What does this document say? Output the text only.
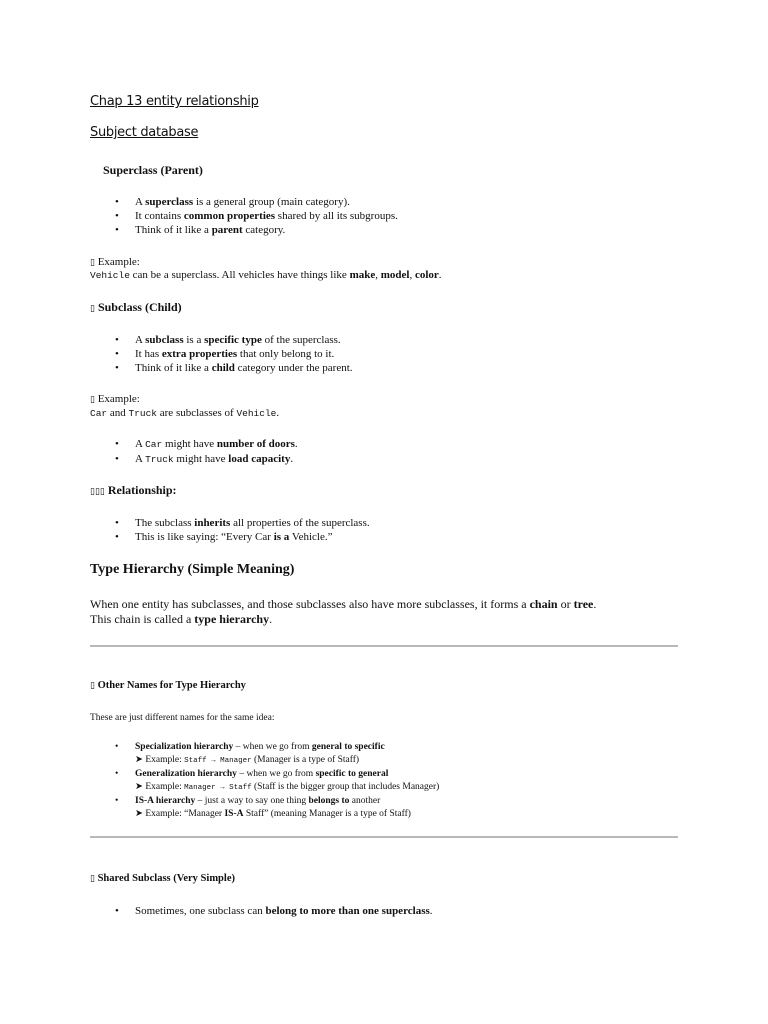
Chap 13 entity relationship
Subject database
Superclass (Parent)
• A superclass is a general group (main category).
• It contains common properties shared by all its subgroups.
• Think of it like a parent category.
▯ Example:
Vehicle can be a superclass. All vehicles have things like make, model, color.
▯ Subclass (Child)
• A subclass is a specific type of the superclass.
• It has extra properties that only belong to it.
• Think of it like a child category under the parent.
▯ Example:
Car and Truck are subclasses of Vehicle.
• A Car might have number of doors.
• A Truck might have load capacity.
▯▯▯ Relationship:
• The subclass inherits all properties of the superclass.
• This is like saying: “Every Car is a Vehicle.”
Type Hierarchy (Simple Meaning)
When one entity has subclasses, and those subclasses also have more subclasses, it forms a chain or tree.
This chain is called a type hierarchy.
▯ Other Names for Type Hierarchy
These are just different names for the same idea:
• Specialization hierarchy – when we go from general to specific
➤ Example: Staff → Manager (Manager is a type of Staff)
• Generalization hierarchy – when we go from specific to general
➤ Example: Manager → Staff (Staff is the bigger group that includes Manager)
• IS-A hierarchy – just a way to say one thing belongs to another
➤ Example: “Manager IS-A Staff” (meaning Manager is a type of Staff)
▯ Shared Subclass (Very Simple)
• Sometimes, one subclass can belong to more than one superclass.
